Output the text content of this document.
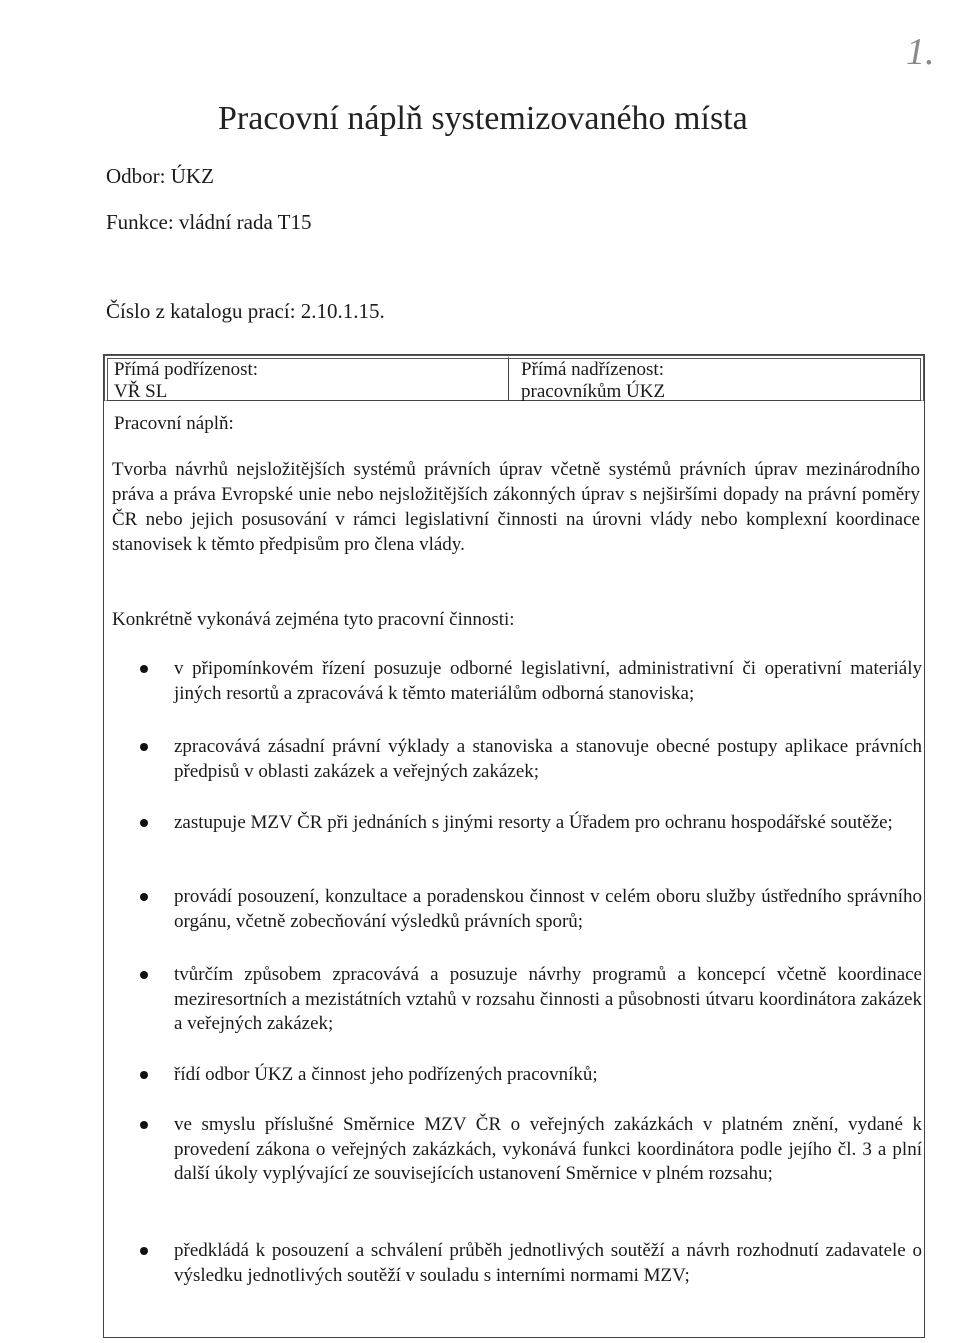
1.
Pracovní náplň systemizovaného místa
Odbor: ÚKZ
Funkce: vládní rada T15
Číslo z katalogu prací: 2.10.1.15.
Přímá podřízenost:
VŘ SL
Přímá nadřízenost:
pracovníkům ÚKZ
Pracovní náplň:

Tvorba návrhů nejsložitějších systémů právních úprav včetně systémů právních úprav mezinárodního práva a práva Evropské unie nebo nejsložitějších zákonných úprav s nejširšími dopady na právní poměry ČR nebo jejich posusování v rámci legislativní činnosti na úrovni vlády nebo komplexní koordinace stanovisek k těmto předpisům pro člena vlády.

Konkrétně vykonává zejména tyto pracovní činnosti:

v připomínkovém řízení posuzuje odborné legislativní, administrativní či operativní materiály jiných resortů a zpracovává k těmto materiálům odborná stanoviska;
zpracovává zásadní právní výklady a stanoviska a stanovuje obecné postupy aplikace právních předpisů v oblasti zakázek a veřejných zakázek;
zastupuje MZV ČR při jednáních s jinými resorty a Úřadem pro ochranu hospodářské soutěže;
provádí posouzení, konzultace a poradenskou činnost v celém oboru služby ústředního správního orgánu, včetně zobecňování výsledků právních sporů;
tvůrčím způsobem zpracovává a posuzuje návrhy programů a koncepcí včetně koordinace meziresortních a mezistátních vztahů v rozsahu činnosti a působnosti útvaru koordinátora zakázek a veřejných zakázek;
řídí odbor ÚKZ a činnost jeho podřízených pracovníků;
ve smyslu příslušné Směrnice MZV ČR o veřejných zakázkách v platném znění, vydané k provedení zákona o veřejných zakázkách, vykonává funkci koordinátora podle jejího čl. 3 a plní další úkoly vyplývající ze souvisejících ustanovení Směrnice v plném rozsahu;
předkládá k posouzení a schválení průběh jednotlivých soutěží a návrh rozhodnutí zadavatele o výsledku jednotlivých soutěží v souladu s interními normami MZV;
